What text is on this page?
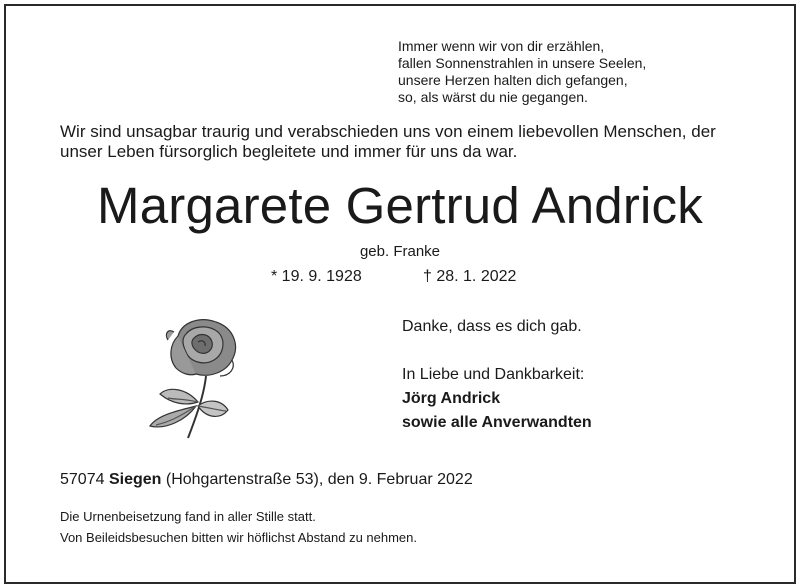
Immer wenn wir von dir erzählen,
fallen Sonnenstrahlen in unsere Seelen,
unsere Herzen halten dich gefangen,
so, als wärst du nie gegangen.
Wir sind unsagbar traurig und verabschieden uns von einem liebevollen Menschen, der
unser Leben fürsorglich begleitete und immer für uns da war.
Margarete Gertrud Andrick
geb. Franke
* 19. 9. 1928	† 28. 1. 2022
Danke, dass es dich gab.
In Liebe und Dankbarkeit:
Jörg Andrick
sowie alle Anverwandten
57074 Siegen (Hohgartenstraße 53), den 9. Februar 2022
Die Urnenbeisetzung fand in aller Stille statt.
Von Beileidsbesuchen bitten wir höflichst Abstand zu nehmen.
